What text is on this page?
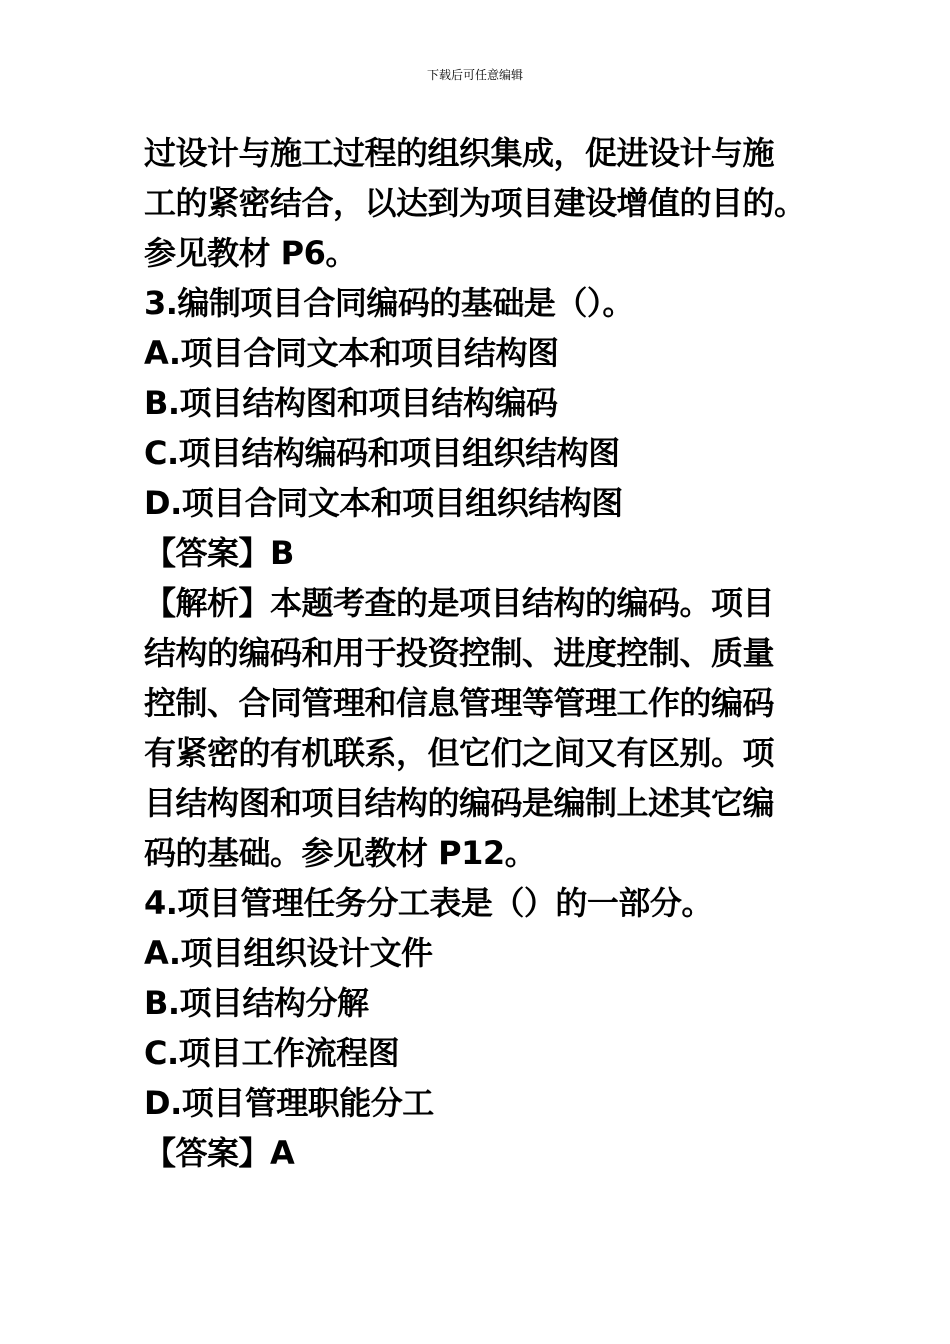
下载后可任意编辑
过设计与施工过程的组织集成，促进设计与施
工的紧密结合，以达到为项目建设增值的目的。
参见教材 P6。
3.编制项目合同编码的基础是（）。
A.项目合同文本和项目结构图
B.项目结构图和项目结构编码
C.项目结构编码和项目组织结构图
D.项目合同文本和项目组织结构图
【答案】B
【解析】本题考查的是项目结构的编码。项目
结构的编码和用于投资控制、进度控制、质量
控制、合同管理和信息管理等管理工作的编码
有紧密的有机联系，但它们之间又有区别。项
目结构图和项目结构的编码是编制上述其它编
码的基础。参见教材 P12。
4.项目管理任务分工表是（）的一部分。
A.项目组织设计文件
B.项目结构分解
C.项目工作流程图
D.项目管理职能分工
【答案】A
